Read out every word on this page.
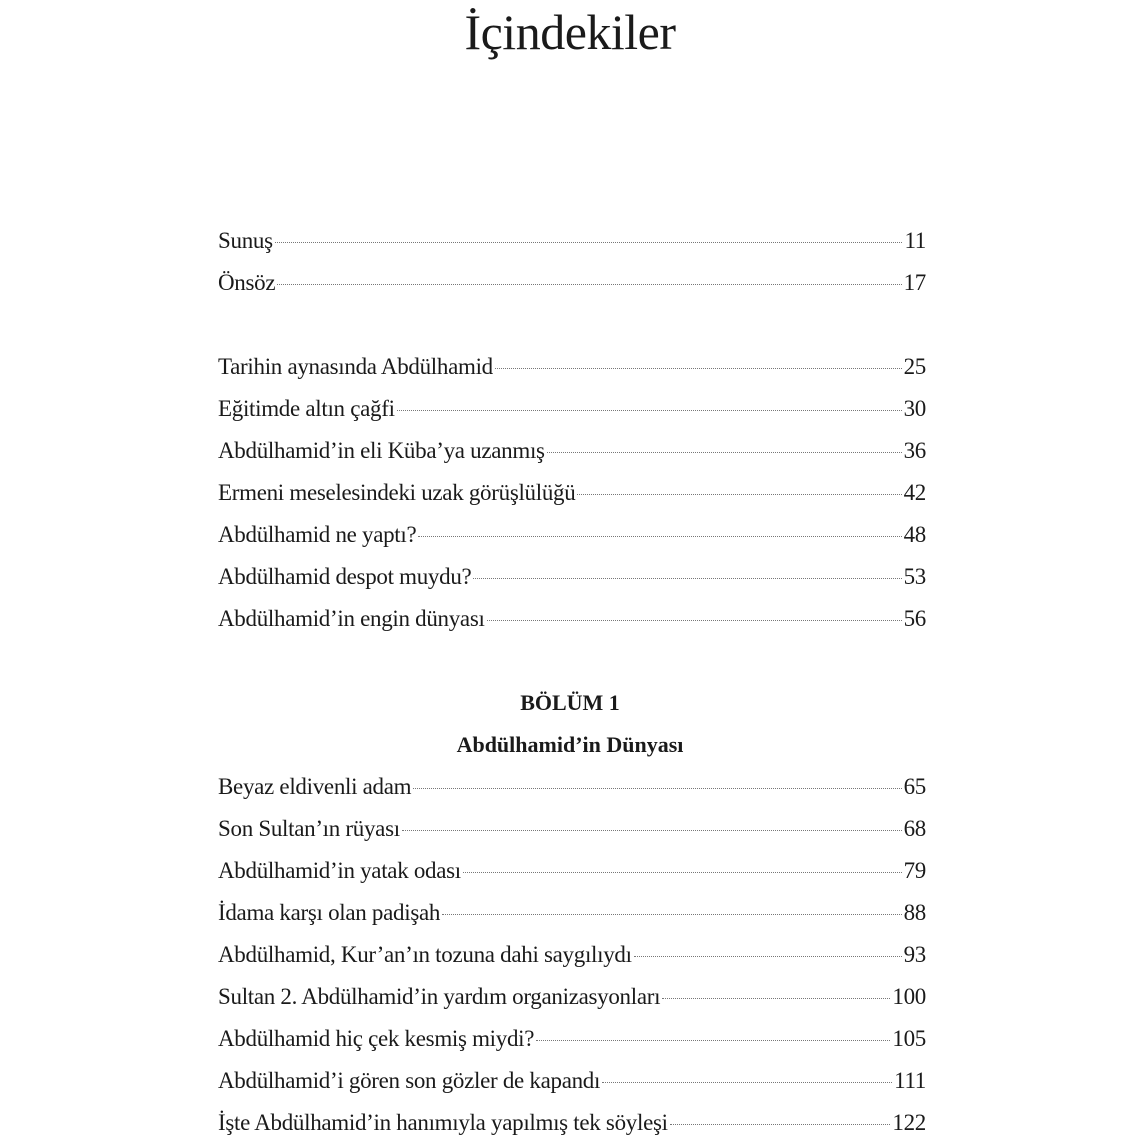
İçindekiler
Sunuş	11
Önsöz	17
Tarihin aynasında Abdülhamid	25
Eğitimde altın çağfi	30
Abdülhamid’in eli Küba’ya uzanmış	36
Ermeni meselesindeki uzak görüşlülüğü	42
Abdülhamid ne yaptı?	48
Abdülhamid despot muydu?	53
Abdülhamid’in engin dünyası	56
BÖLÜM 1
Abdülhamid’in Dünyası
Beyaz eldivenli adam	65
Son Sultan’ın rüyası	68
Abdülhamid’in yatak odası	79
İdama karşı olan padişah	88
Abdülhamid, Kur’an’ın tozuna dahi saygılıydı	93
Sultan 2. Abdülhamid’in yardım organizasyonları	100
Abdülhamid hiç çek kesmiş miydi?	105
Abdülhamid’i gören son gözler de kapandı	111
İşte Abdülhamid’in hanımıyla yapılmış tek söyleşi	122
